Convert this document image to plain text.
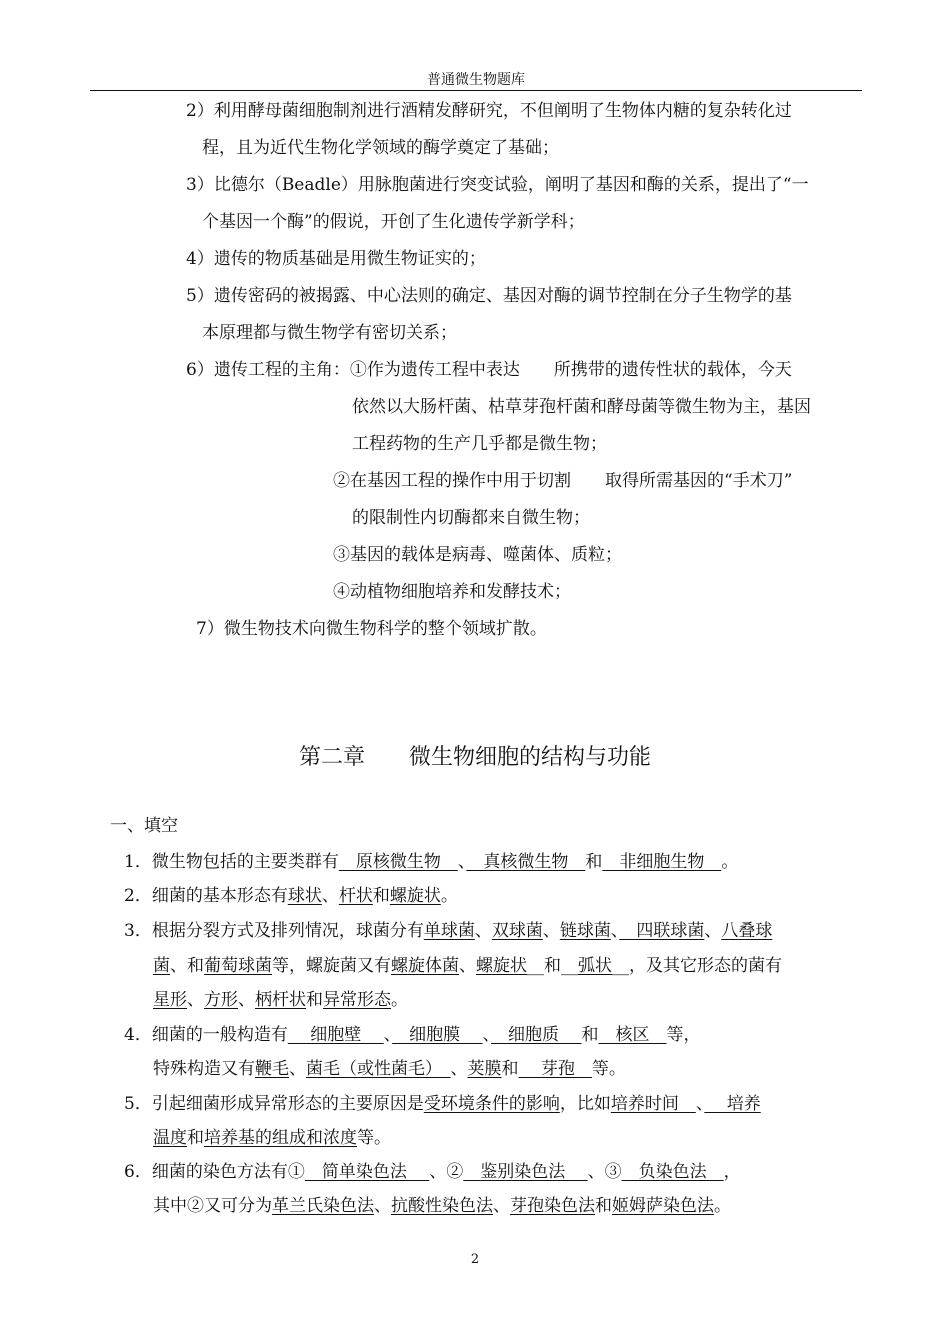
普通微生物题库
2）利用酵母菌细胞制剂进行酒精发酵研究，不但阐明了生物体内糖的复杂转化过
程，且为近代生物化学领域的酶学奠定了基础；
3）比德尔（Beadle）用脉胞菌进行突变试验，阐明了基因和酶的关系，提出了“一
个基因一个酶”的假说，开创了生化遗传学新学科；
4）遗传的物质基础是用微生物证实的；
5）遗传密码的被揭露、中心法则的确定、基因对酶的调节控制在分子生物学的基
本原理都与微生物学有密切关系；
6）遗传工程的主角：①作为遗传工程中表达　　所携带的遗传性状的载体，今天
依然以大肠杆菌、枯草芽孢杆菌和酵母菌等微生物为主，基因
工程药物的生产几乎都是微生物；
②在基因工程的操作中用于切割　　取得所需基因的“手术刀”
的限制性内切酶都来自微生物；
③基因的载体是病毒、噬菌体、质粒；
④动植物细胞培养和发酵技术；
7）微生物技术向微生物科学的整个领域扩散。
第二章　　微生物细胞的结构与功能
一、填空
1．微生物包括的主要类群有　原核微生物　、　真核微生物　和　非细胞生物　。
2．细菌的基本形态有球状、杆状和螺旋状。
3．根据分裂方式及排列情况，球菌分有单球菌、双球菌、链球菌、　四联球菌、八叠球
菌、和葡萄球菌等，螺旋菌又有螺旋体菌、螺旋状__和__弧状__，及其它形态的菌有
星形、方形、柄杆状和异常形态。
4．细菌的一般构造有　 细胞壁　 、　细胞膜　 、　细胞质　 和　核区　等，
特殊构造又有鞭毛、菌毛（或性菌毛）　、荚膜和　 芽孢　等。
5．引起细菌形成异常形态的主要原因是受环境条件的影响，比如培养时间　、　 培养
温度和培养基的组成和浓度等。
6．细菌的染色方法有①　简单染色法　 、②　鉴别染色法　 、③　负染色法　，
其中②又可分为革兰氏染色法、抗酸性染色法、芽孢染色法和姬姆萨染色法。
2
